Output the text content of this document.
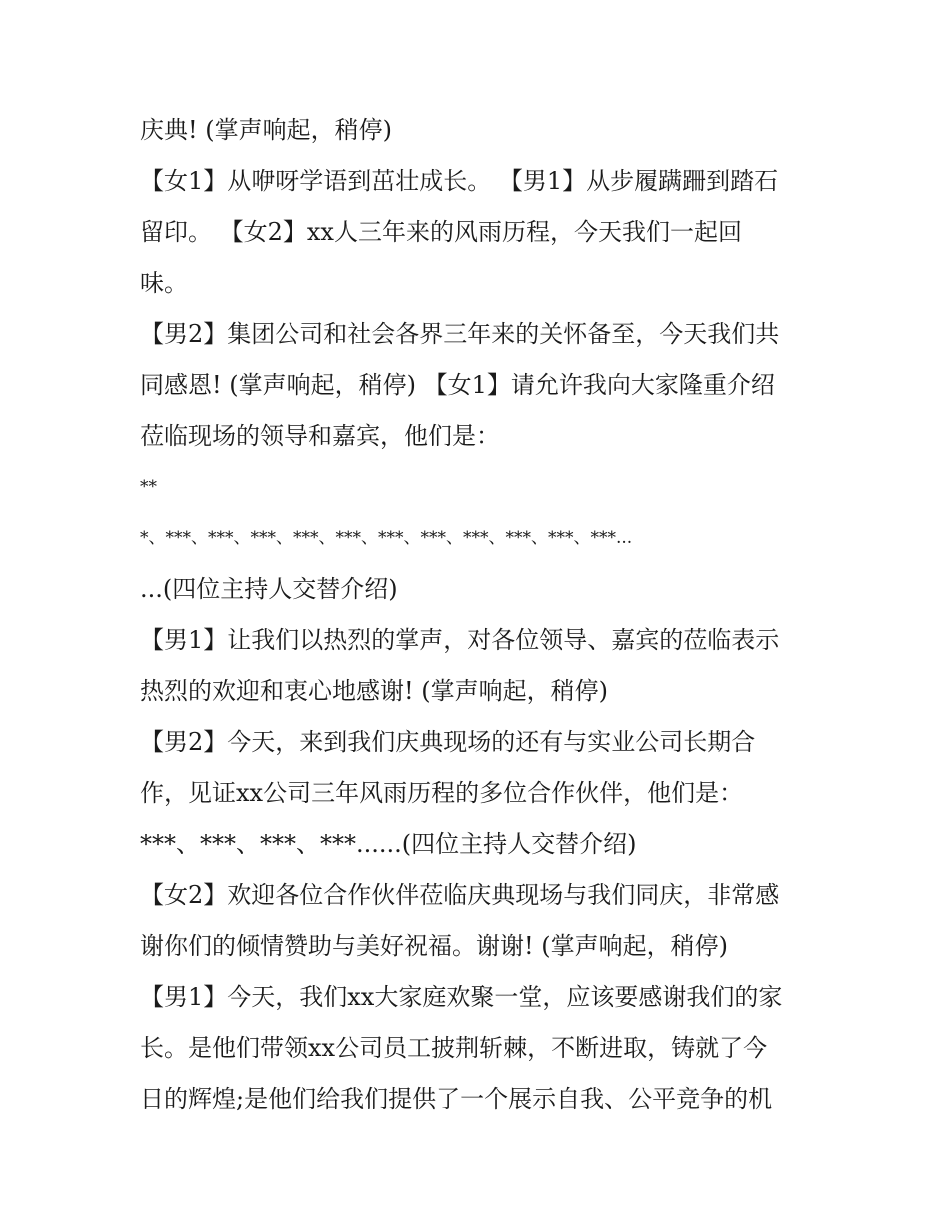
庆典! (掌声响起，稍停)
【女1】从咿呀学语到茁壮成长。 【男1】从步履蹒跚到踏石
留印。 【女2】xx人三年来的风雨历程，今天我们一起回
味。
【男2】集团公司和社会各界三年来的关怀备至，今天我们共
同感恩! (掌声响起，稍停) 【女1】请允许我向大家隆重介绍
莅临现场的领导和嘉宾，他们是：
**
*、***、***、***、***、***、***、***、***、***、***、***...
...(四位主持人交替介绍)
【男1】让我们以热烈的掌声，对各位领导、嘉宾的莅临表示
热烈的欢迎和衷心地感谢! (掌声响起，稍停)
【男2】今天，来到我们庆典现场的还有与实业公司长期合
作，见证xx公司三年风雨历程的多位合作伙伴，他们是：
***、***、***、***......(四位主持人交替介绍)
【女2】欢迎各位合作伙伴莅临庆典现场与我们同庆，非常感
谢你们的倾情赞助与美好祝福。谢谢! (掌声响起，稍停)
【男1】今天，我们xx大家庭欢聚一堂，应该要感谢我们的家
长。是他们带领xx公司员工披荆斩棘，不断进取，铸就了今
日的辉煌;是他们给我们提供了一个展示自我、公平竞争的机
